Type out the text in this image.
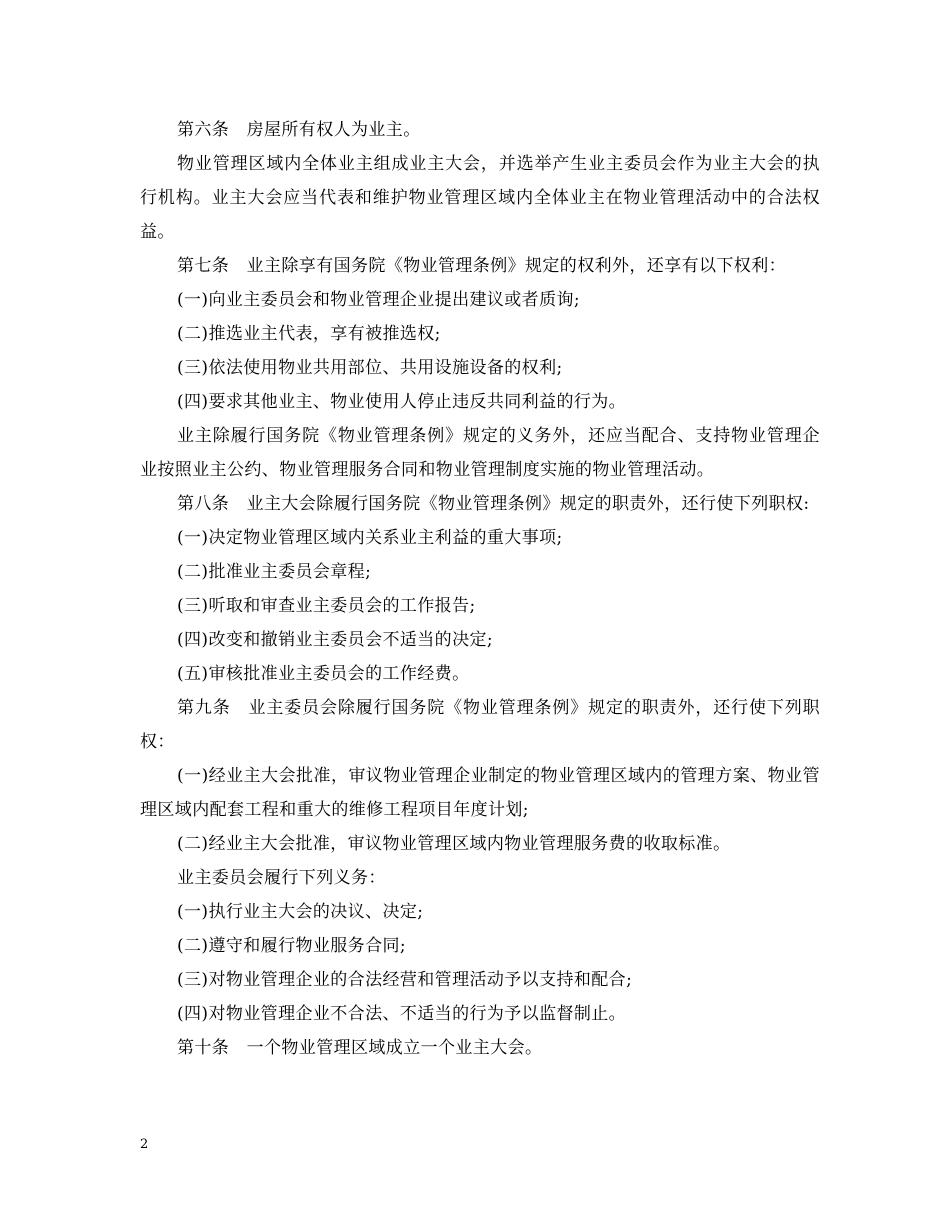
第六条　房屋所有权人为业主。

物业管理区域内全体业主组成业主大会，并选举产生业主委员会作为业主大会的执行机构。业主大会应当代表和维护物业管理区域内全体业主在物业管理活动中的合法权益。

第七条　业主除享有国务院《物业管理条例》规定的权利外，还享有以下权利：

(一)向业主委员会和物业管理企业提出建议或者质询;

(二)推选业主代表，享有被推选权;

(三)依法使用物业共用部位、共用设施设备的权利;

(四)要求其他业主、物业使用人停止违反共同利益的行为。

业主除履行国务院《物业管理条例》规定的义务外，还应当配合、支持物业管理企业按照业主公约、物业管理服务合同和物业管理制度实施的物业管理活动。

第八条　业主大会除履行国务院《物业管理条例》规定的职责外，还行使下列职权:

(一)决定物业管理区域内关系业主利益的重大事项;

(二)批准业主委员会章程;

(三)听取和审查业主委员会的工作报告;

(四)改变和撤销业主委员会不适当的决定;

(五)审核批准业主委员会的工作经费。

第九条　业主委员会除履行国务院《物业管理条例》规定的职责外，还行使下列职权：

(一)经业主大会批准，审议物业管理企业制定的物业管理区域内的管理方案、物业管理区域内配套工程和重大的维修工程项目年度计划;

(二)经业主大会批准，审议物业管理区域内物业管理服务费的收取标准。

业主委员会履行下列义务：

(一)执行业主大会的决议、决定;

(二)遵守和履行物业服务合同;

(三)对物业管理企业的合法经营和管理活动予以支持和配合;

(四)对物业管理企业不合法、不适当的行为予以监督制止。

第十条　一个物业管理区域成立一个业主大会。

2
